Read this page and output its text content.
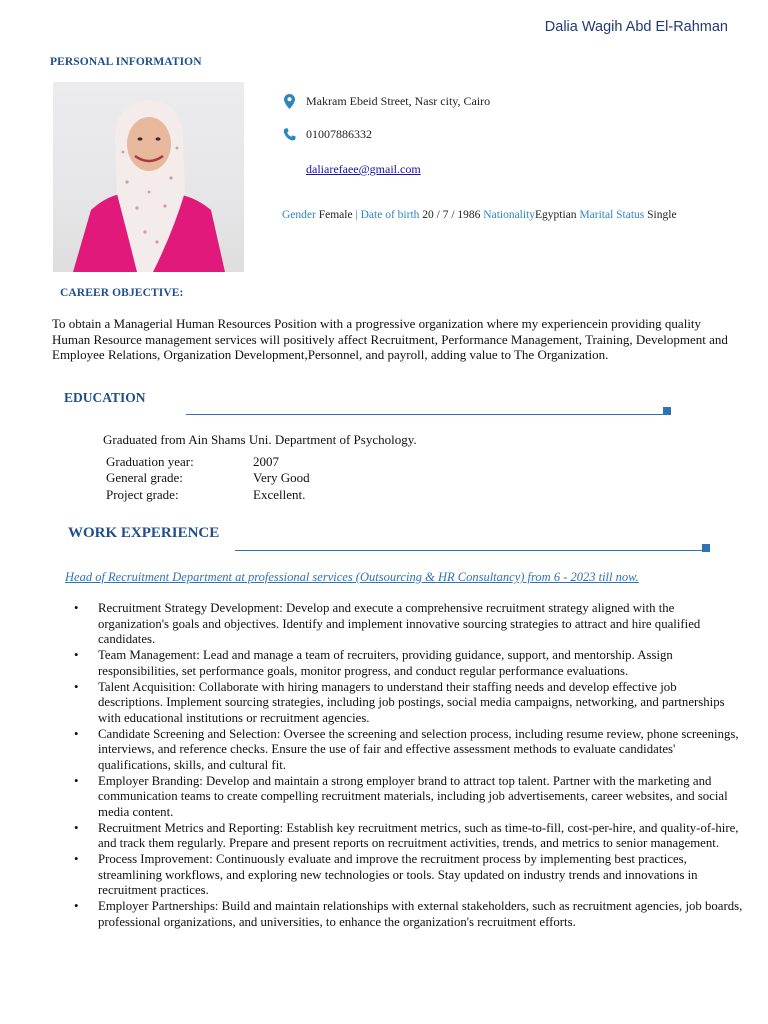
Dalia Wagih Abd El-Rahman
PERSONAL INFORMATION
Makram Ebeid Street, Nasr city, Cairo
01007886332
daliarefaee@gmail.com
Gender Female | Date of birth 20 / 7 / 1986 NationalityEgyptian Marital Status Single
CAREER OBJECTIVE:
To obtain a Managerial Human Resources Position with a progressive organization where my experiencein providing quality Human Resource management services will positively affect Recruitment, Performance Management, Training, Development and Employee Relations, Organization Development,Personnel, and payroll, adding value to The Organization.
EDUCATION
Graduated from Ain Shams Uni. Department of Psychology.
Graduation year:	2007
General grade:	Very Good
Project grade:	Excellent.
WORK EXPERIENCE
Head of Recruitment Department at professional services (Outsourcing & HR Consultancy) from 6 - 2023 till now.
• Recruitment Strategy Development: Develop and execute a comprehensive recruitment strategy aligned with the organization's goals and objectives. Identify and implement innovative sourcing strategies to attract and hire qualified candidates.
• Team Management: Lead and manage a team of recruiters, providing guidance, support, and mentorship. Assign responsibilities, set performance goals, monitor progress, and conduct regular performance evaluations.
• Talent Acquisition: Collaborate with hiring managers to understand their staffing needs and develop effective job descriptions. Implement sourcing strategies, including job postings, social media campaigns, networking, and partnerships with educational institutions or recruitment agencies.
• Candidate Screening and Selection: Oversee the screening and selection process, including resume review, phone screenings, interviews, and reference checks. Ensure the use of fair and effective assessment methods to evaluate candidates' qualifications, skills, and cultural fit.
• Employer Branding: Develop and maintain a strong employer brand to attract top talent. Partner with the marketing and communication teams to create compelling recruitment materials, including job advertisements, career websites, and social media content.
• Recruitment Metrics and Reporting: Establish key recruitment metrics, such as time-to-fill, cost-per-hire, and quality-of-hire, and track them regularly. Prepare and present reports on recruitment activities, trends, and metrics to senior management.
• Process Improvement: Continuously evaluate and improve the recruitment process by implementing best practices, streamlining workflows, and exploring new technologies or tools. Stay updated on industry trends and innovations in recruitment practices.
• Employer Partnerships: Build and maintain relationships with external stakeholders, such as recruitment agencies, job boards, professional organizations, and universities, to enhance the organization's recruitment efforts.
